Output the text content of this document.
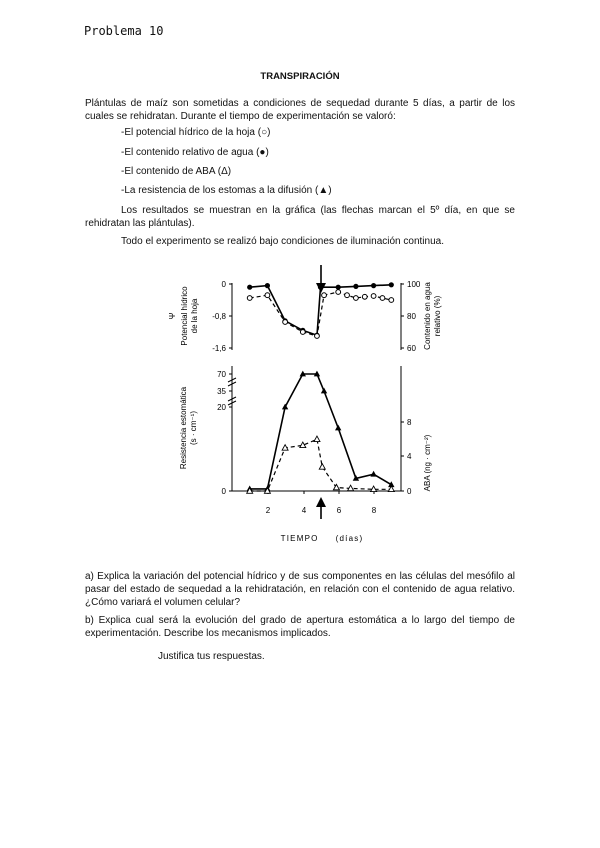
Problema 10
TRANSPIRACIÓN
Plántulas de maíz son sometidas a condiciones de sequedad durante 5 días, a partir de los cuales se rehidratan. Durante el tiempo de experimentación se valoró:
-El potencial hídrico de la hoja (○)
-El contenido relativo de agua (●)
-El contenido de ABA (Δ)
-La resistencia de los estomas a la difusión (▲)
Los resultados se muestran en la gráfica (las flechas marcan el 5º día, en que se rehidratan las plántulas).
Todo el experimento se realizó bajo condiciones de iluminación continua.
0
-0,8
-1,6
100
80
60
70
35
20
0
8
4
0
2	4	6	8
Ψ Potencial hídrico de la hoja	Contenido en agua relativo (%)
Resistencia estomática (s · cm⁻¹)
ABA (ng · cm⁻²)
TIEMPO     (días)
a) Explica la variación del potencial hídrico y de sus componentes en las células del mesófilo al pasar del estado de sequedad a la rehidratación, en relación con el contenido de agua relativo. ¿Cómo variará el volumen celular?
b) Explica cual será la evolución del grado de apertura estomática a lo largo del tiempo de experimentación. Describe los mecanismos implicados.
Justifica tus respuestas.
